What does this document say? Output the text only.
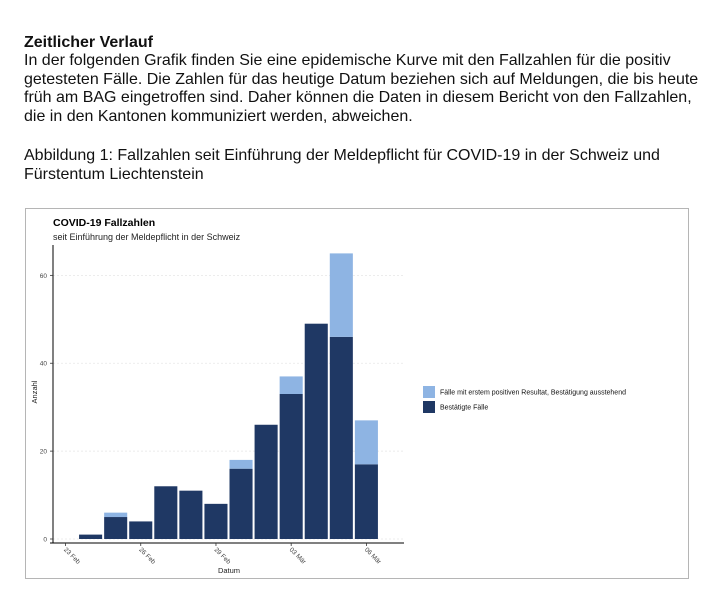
Zeitlicher Verlauf

In der folgenden Grafik finden Sie eine epidemische Kurve mit den Fallzahlen für die positiv getesteten Fälle. Die Zahlen für das heutige Datum beziehen sich auf Meldungen, die bis heute früh am BAG eingetroffen sind. Daher können die Daten in diesem Bericht von den Fallzahlen, die in den Kantonen kommuniziert werden, abweichen.

Abbildung 1: Fallzahlen seit Einführung der Meldepflicht für COVID-19 in der Schweiz und Fürstentum Liechtenstein

COVID-19 Fallzahlen
seit Einführung der Meldepflicht in der Schweiz
0
20
40
60
23 Feb	26 Feb	29 Feb	03 Mär	06 Mär
Datum
Anzahl	Fälle mit erstem positiven Resultat, Bestätigung ausstehend
Bestätigte Fälle
